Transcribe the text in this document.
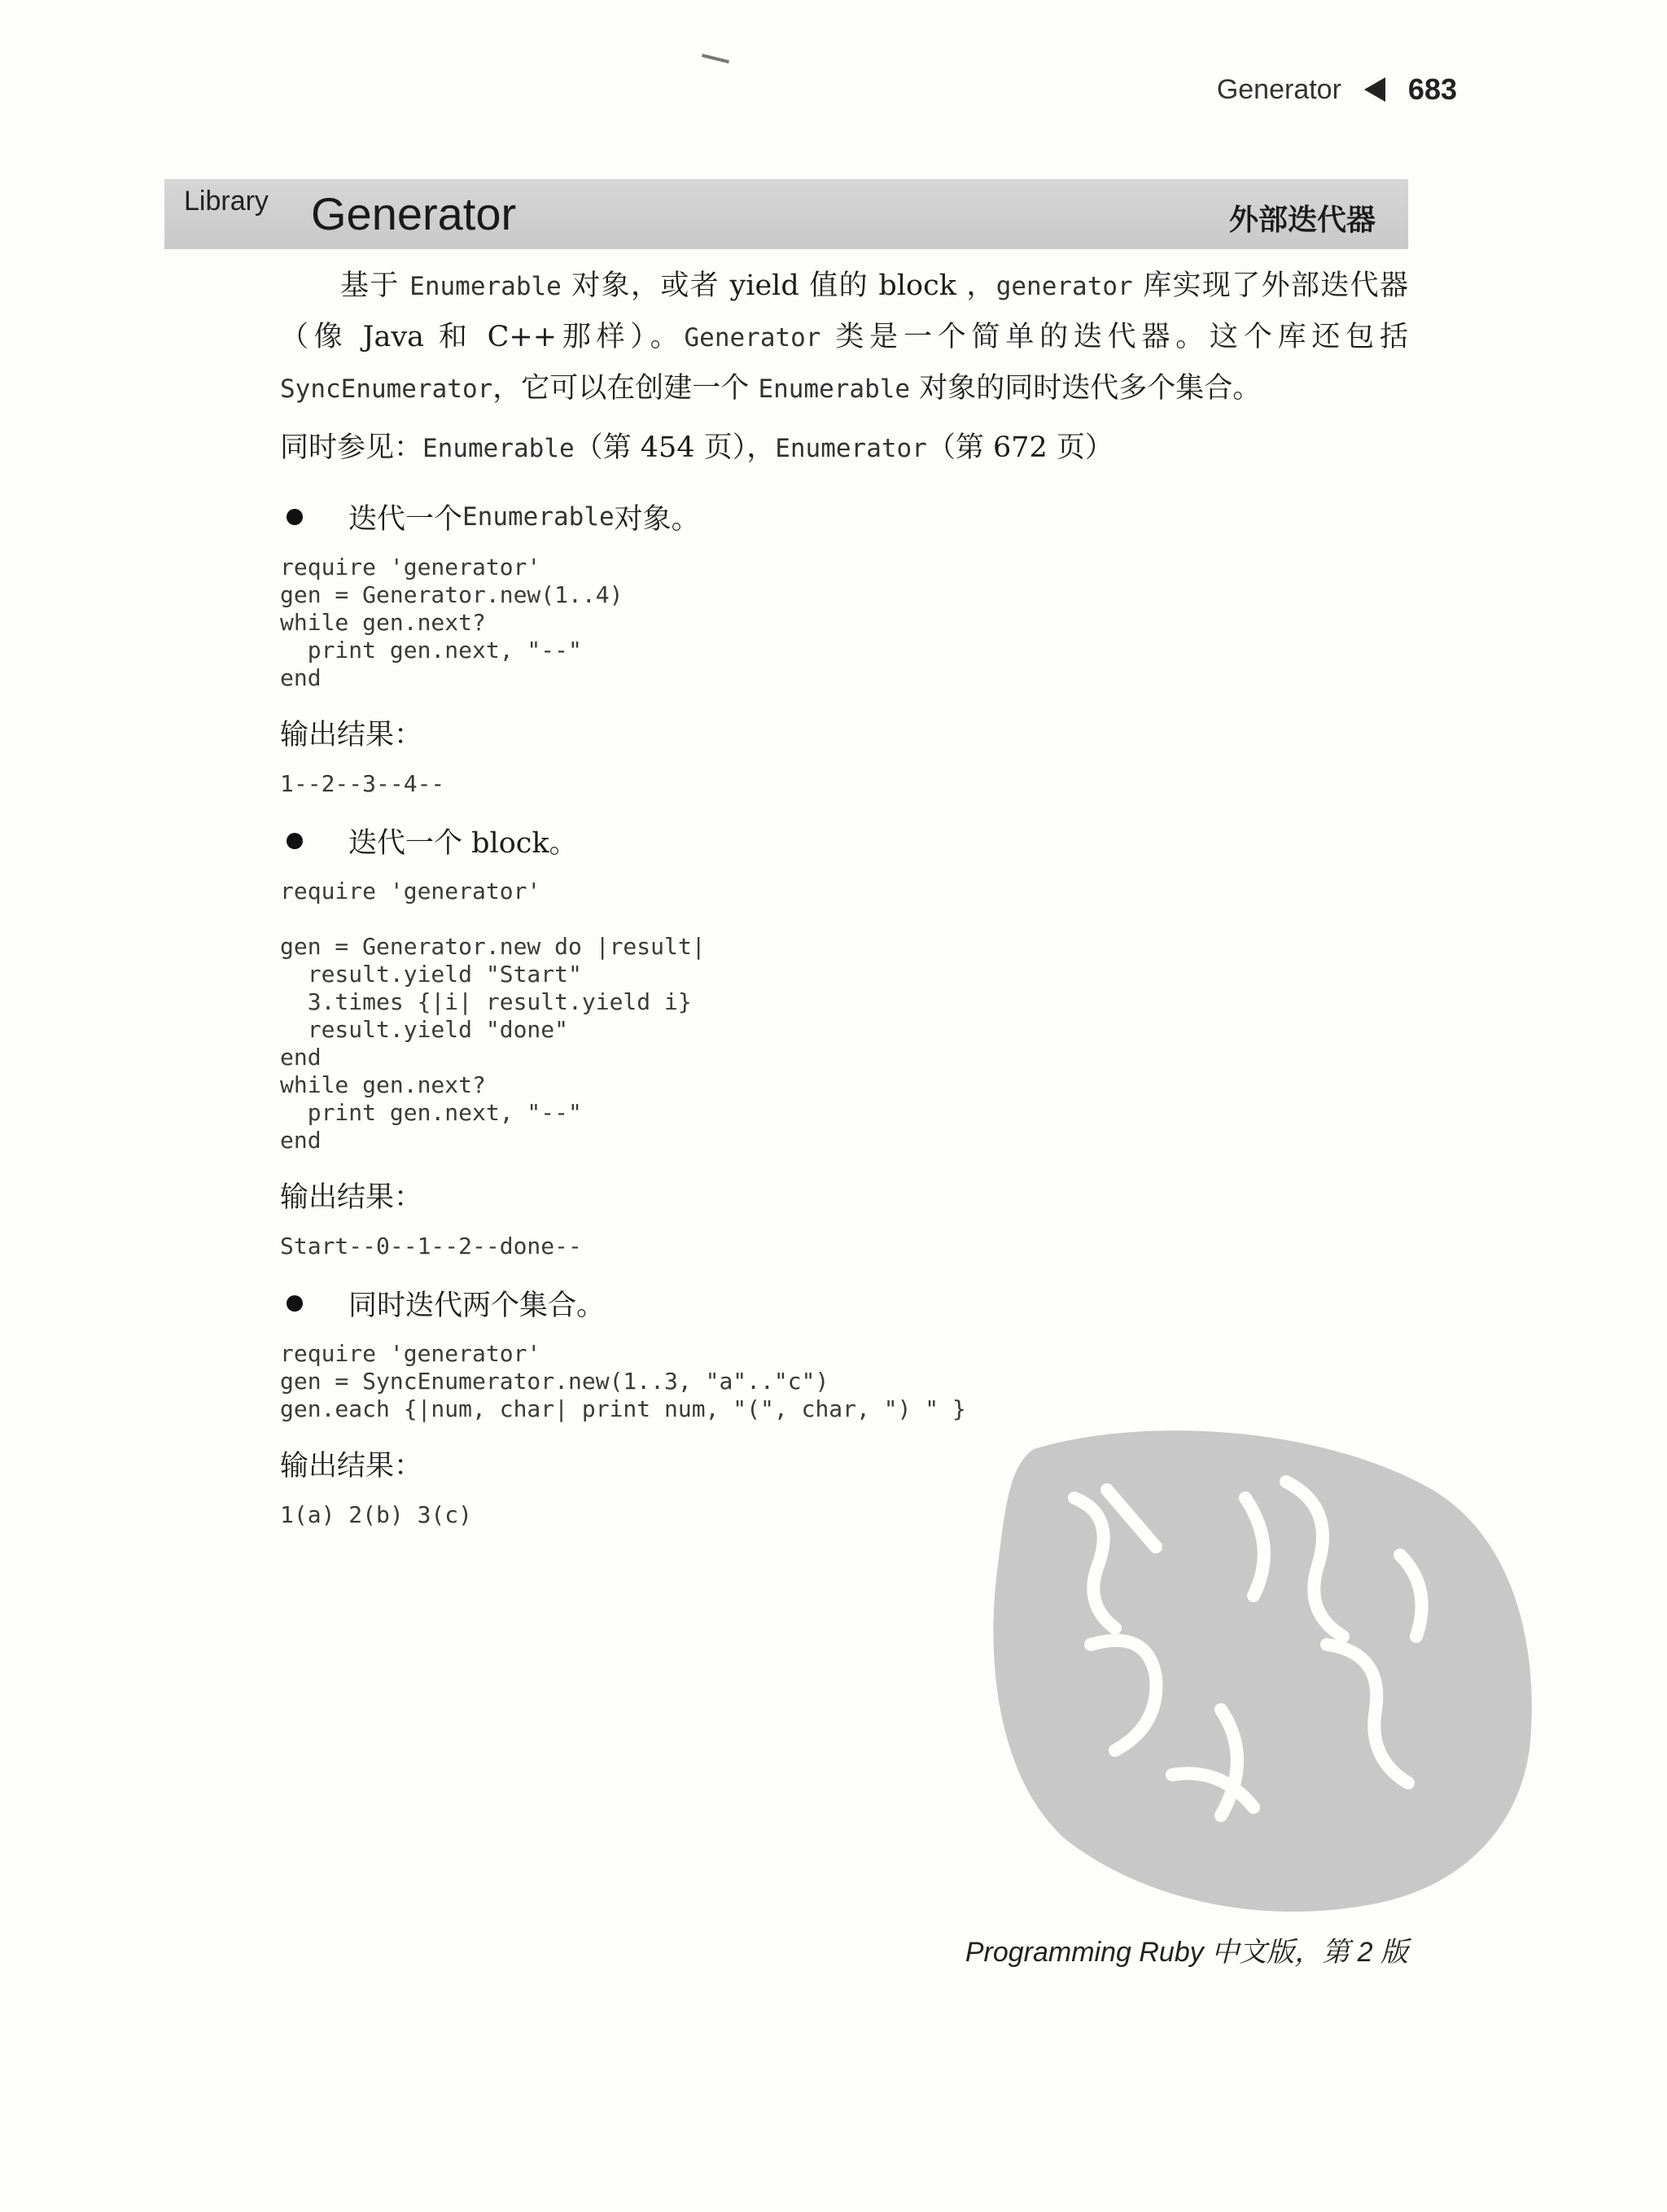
Generator 683
Library Generator	外部迭代器

基于 Enumerable 对象，或者 yield 值的 block ，generator 库实现了外部迭代器（像 Java 和 C++那样）。Generator 类是一个简单的迭代器。这个库还包括 SyncEnumerator，它可以在创建一个 Enumerable 对象的同时迭代多个集合。

同时参见：Enumerable（第 454 页），Enumerator（第 672 页）

迭代一个 Enumerable 对象。
require 'generator'
gen = Generator.new(1..4)
while gen.next?
print gen.next, "--"
end
输出结果：
1--2--3--4--
迭代一个 block。
require 'generator'

gen = Generator.new do |result|
result.yield "Start"
3.times {|i| result.yield i}
result.yield "done"
end
while gen.next?
print gen.next, "--"
end
输出结果：
Start--0--1--2--done--
同时迭代两个集合。
require 'generator'
gen = SyncEnumerator.new(1..3, "a".."c")
gen.each {|num, char| print num, "(", char, ") " }
输出结果：
1(a) 2(b) 3(c)
Programming Ruby 中文版，第 2 版
